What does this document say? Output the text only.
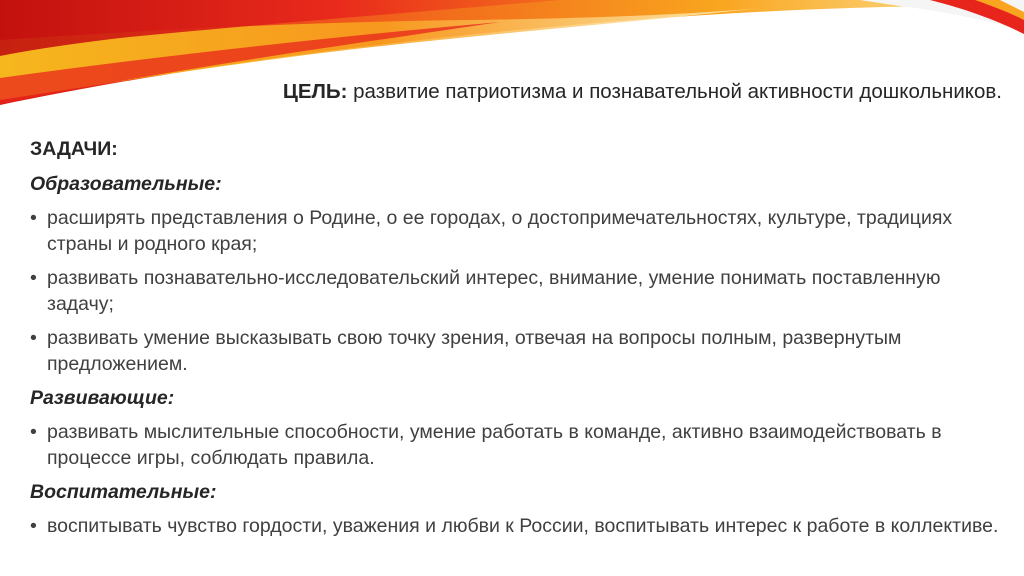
ЦЕЛЬ: развитие патриотизма и познавательной активности дошкольников.
ЗАДАЧИ:
Образовательные:
• расширять представления о Родине, о ее городах, о достопримечательностях, культуре, традициях страны и родного края;
• развивать познавательно-исследовательский интерес, внимание, умение понимать поставленную задачу;
• развивать умение высказывать свою точку зрения, отвечая на вопросы полным, развернутым предложением.
Развивающие:
• развивать мыслительные способности, умение работать в команде, активно взаимодействовать в процессе игры, соблюдать правила.
Воспитательные:
• воспитывать чувство гордости, уважения и любви к России, воспитывать интерес к работе в коллективе.
